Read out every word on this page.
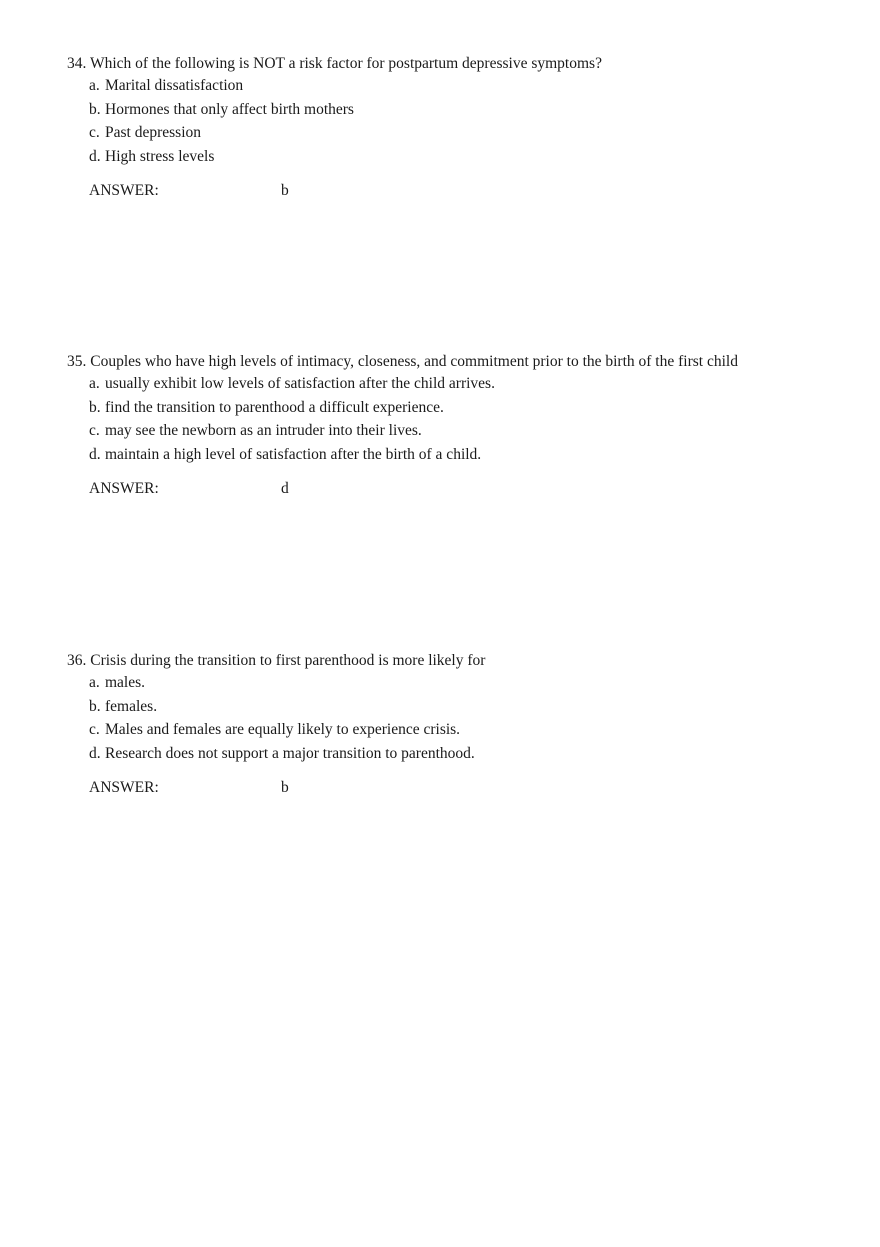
34. Which of the following is NOT a risk factor for postpartum depressive symptoms?
a. Marital dissatisfaction
b. Hormones that only affect birth mothers
c. Past depression
d. High stress levels
ANSWER:	b
35. Couples who have high levels of intimacy, closeness, and commitment prior to the birth of the first child
a. usually exhibit low levels of satisfaction after the child arrives.
b. find the transition to parenthood a difficult experience.
c. may see the newborn as an intruder into their lives.
d. maintain a high level of satisfaction after the birth of a child.
ANSWER:	d
36. Crisis during the transition to first parenthood is more likely for
a. males.
b. females.
c. Males and females are equally likely to experience crisis.
d. Research does not support a major transition to parenthood.
ANSWER:	b
